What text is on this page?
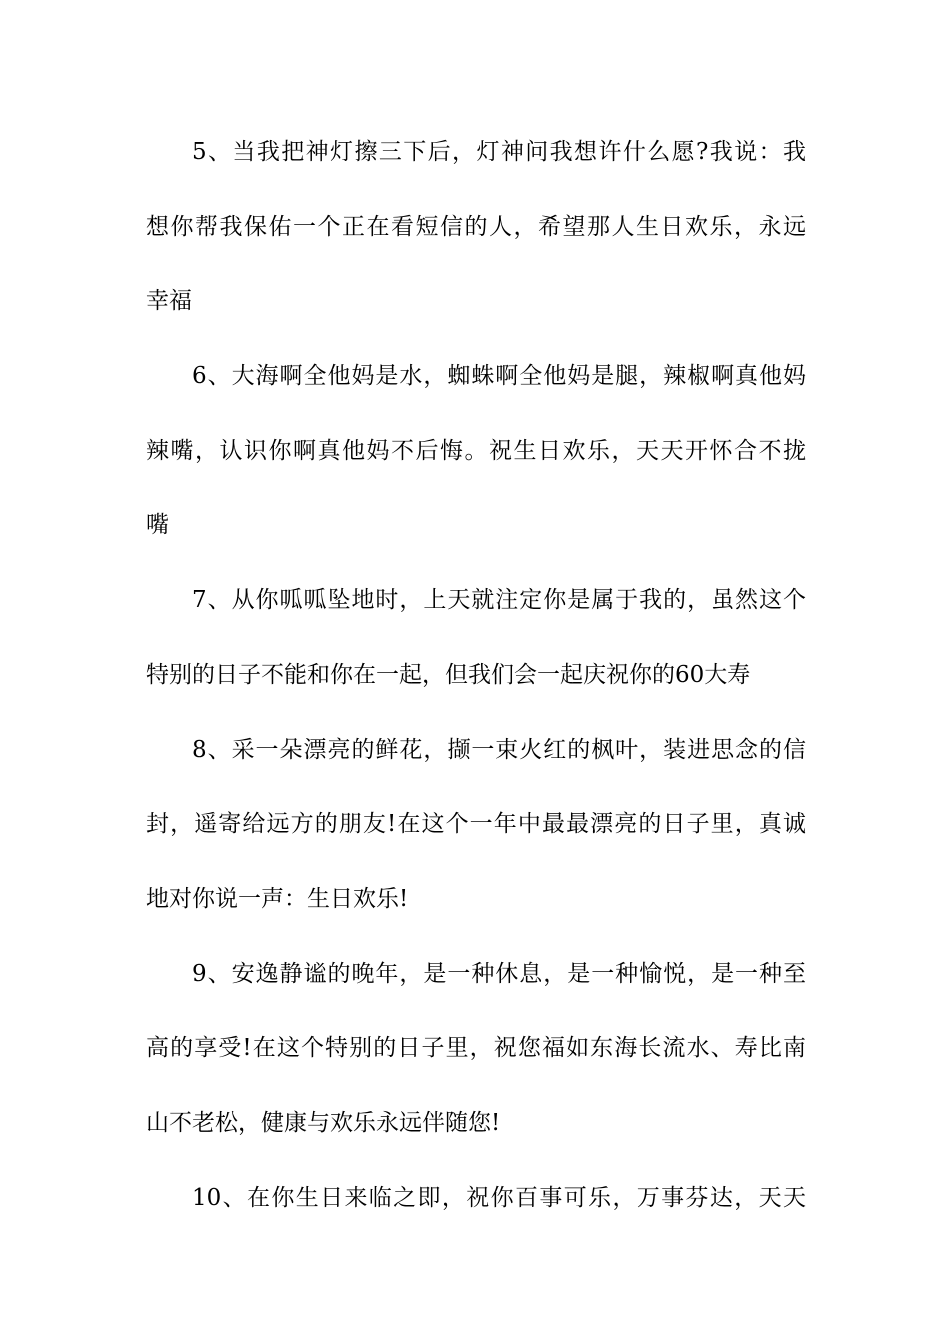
5、当我把神灯擦三下后，灯神问我想许什么愿?我说：我
想你帮我保佑一个正在看短信的人，希望那人生日欢乐，永远
幸福
6、大海啊全他妈是水，蜘蛛啊全他妈是腿，辣椒啊真他妈
辣嘴，认识你啊真他妈不后悔。祝生日欢乐，天天开怀合不拢
嘴
7、从你呱呱坠地时，上天就注定你是属于我的，虽然这个
特别的日子不能和你在一起，但我们会一起庆祝你的60大寿
8、采一朵漂亮的鲜花，撷一束火红的枫叶，装进思念的信
封，遥寄给远方的朋友!在这个一年中最最漂亮的日子里，真诚
地对你说一声：生日欢乐!
9、安逸静谧的晚年，是一种休息，是一种愉悦，是一种至
高的享受!在这个特别的日子里，祝您福如东海长流水、寿比南
山不老松，健康与欢乐永远伴随您!
10、在你生日来临之即，祝你百事可乐，万事芬达，天天
